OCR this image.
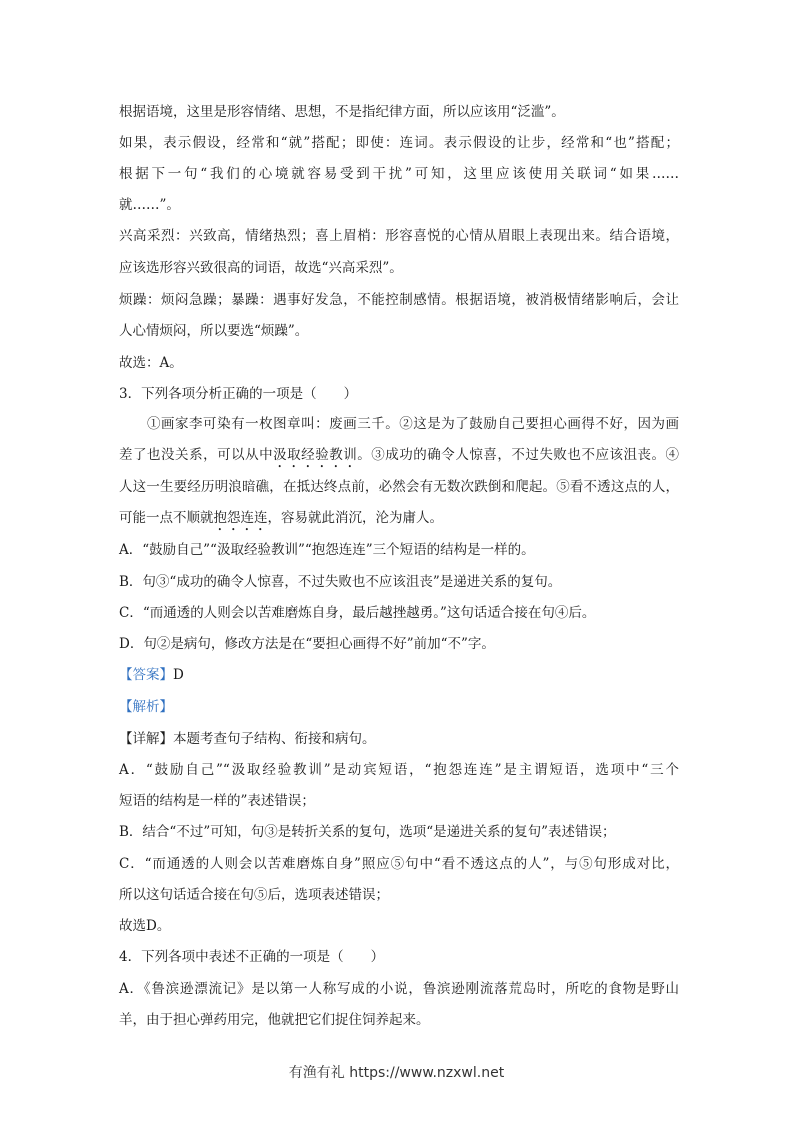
根据语境，这里是形容情绪、思想，不是指纪律方面，所以应该用“泛滥”。
如果，表示假设，经常和“就”搭配；即使：连词。表示假设的让步，经常和“也”搭配；
根据下一句“我们的心境就容易受到干扰”可知，这里应该使用关联词“如果……
就……”。
兴高采烈：兴致高，情绪热烈；喜上眉梢：形容喜悦的心情从眉眼上表现出来。结合语境，
应该选形容兴致很高的词语，故选“兴高采烈”。
烦躁：烦闷急躁；暴躁：遇事好发急，不能控制感情。根据语境，被消极情绪影响后，会让
人心情烦闷，所以要选“烦躁”。
故选：A。
3．下列各项分析正确的一项是（　　）
①画家李可染有一枚图章叫：废画三千。②这是为了鼓励自己要担心画得不好，因为画
差了也没关系，可以从中汲取经验教训。③成功的确令人惊喜，不过失败也不应该沮丧。④
人这一生要经历明浪暗礁，在抵达终点前，必然会有无数次跌倒和爬起。⑤看不透这点的人，
可能一点不顺就抱怨连连，容易就此消沉，沦为庸人。
A．“鼓励自己”“汲取经验教训”“抱怨连连”三个短语的结构是一样的。
B．句③“成功的确令人惊喜，不过失败也不应该沮丧”是递进关系的复句。
C．“而通透的人则会以苦难磨炼自身，最后越挫越勇。”这句话适合接在句④后。
D．句②是病句，修改方法是在“要担心画得不好”前加“不”字。
【答案】D
【解析】
【详解】本题考查句子结构、衔接和病句。
A．“鼓励自己”“汲取经验教训”是动宾短语，“抱怨连连”是主谓短语，选项中“三个
短语的结构是一样的”表述错误；
B．结合“不过”可知，句③是转折关系的复句，选项“是递进关系的复句”表述错误；
C．“而通透的人则会以苦难磨炼自身”照应⑤句中“看不透这点的人”，与⑤句形成对比，
所以这句话适合接在句⑤后，选项表述错误；
故选D。
4．下列各项中表述不正确的一项是（　　）
A．《鲁滨逊漂流记》是以第一人称写成的小说，鲁滨逊刚流落荒岛时，所吃的食物是野山
羊，由于担心弹药用完，他就把它们捉住饲养起来。
有渔有礼 https://www.nzxwl.net
